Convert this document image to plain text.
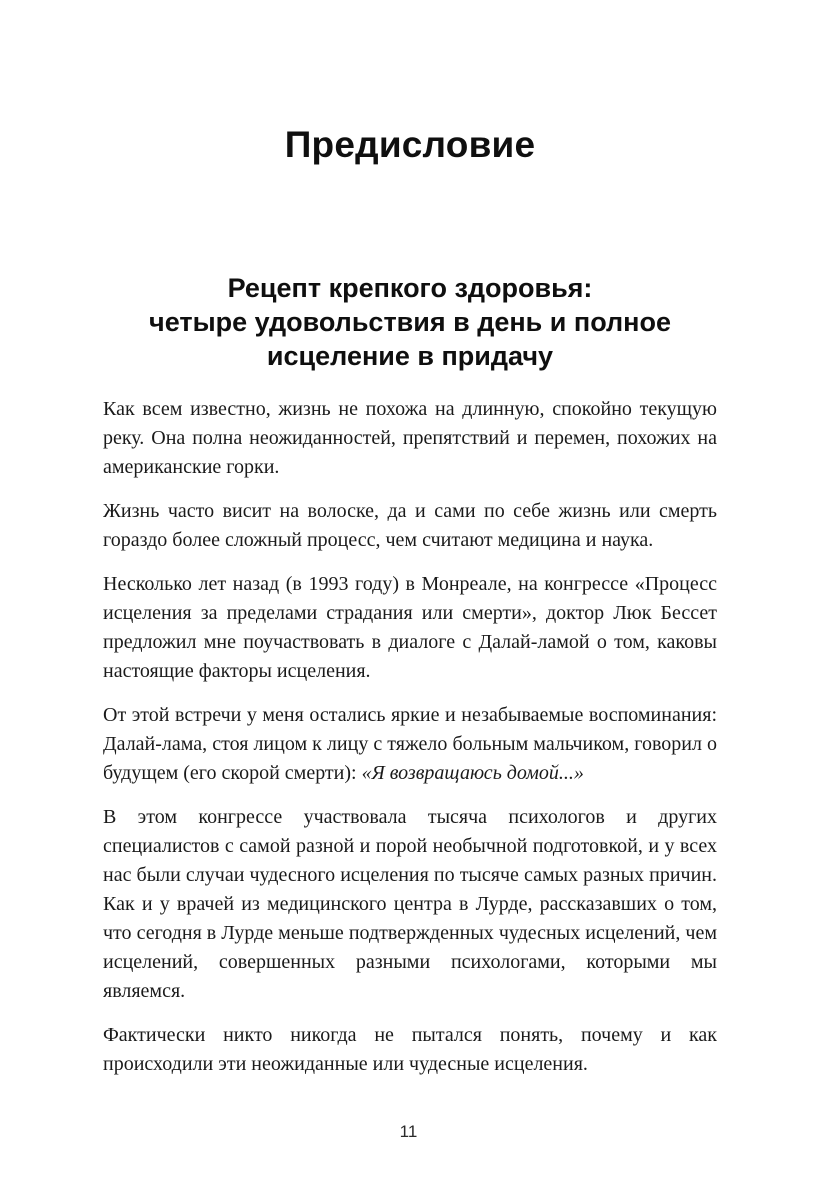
Предисловие
Рецепт крепкого здоровья:
четыре удовольствия в день и полное
исцеление в придачу

Как всем известно, жизнь не похожа на длинную, спокойно текущую реку. Она полна неожиданностей, препятствий и перемен, похожих на американские горки.

Жизнь часто висит на волоске, да и сами по себе жизнь или смерть гораздо более сложный процесс, чем считают медицина и наука.

Несколько лет назад (в 1993 году) в Монреале, на конгрессе «Процесс исцеления за пределами страдания или смерти», доктор Люк Бессет предложил мне поучаствовать в диалоге с Далай-ламой о том, каковы настоящие факторы исцеления.

От этой встречи у меня остались яркие и незабываемые воспоминания: Далай-лама, стоя лицом к лицу с тяжело больным мальчиком, говорил о будущем (его скорой смерти): «Я возвращаюсь домой...»

В этом конгрессе участвовала тысяча психологов и других специалистов с самой разной и порой необычной подготовкой, и у всех нас были случаи чудесного исцеления по тысяче самых разных причин. Как и у врачей из медицинского центра в Лурде, рассказавших о том, что сегодня в Лурде меньше подтвержденных чудесных исцелений, чем исцелений, совершенных разными психологами, которыми мы являемся.

Фактически никто никогда не пытался понять, почему и как происходили эти неожиданные или чудесные исцеления.

11
